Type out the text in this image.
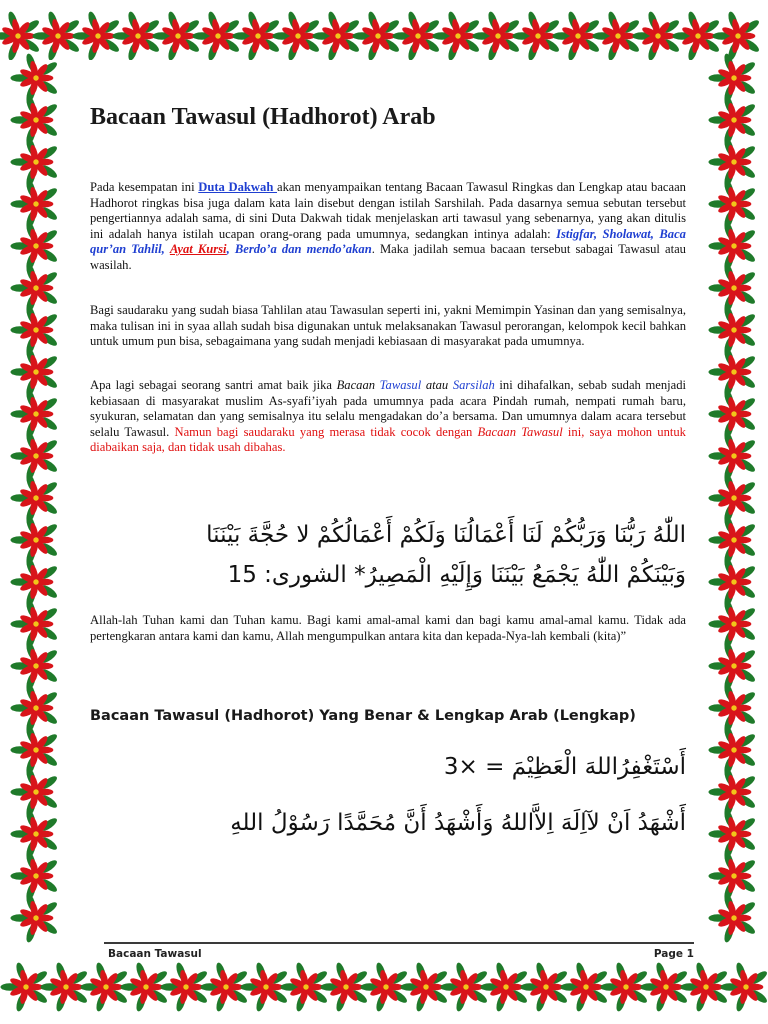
Bacaan Tawasul (Hadhorot) Arab

Pada kesempatan ini Duta Dakwah akan menyampaikan tentang Bacaan Tawasul Ringkas dan Lengkap atau bacaan Hadhorot ringkas bisa juga dalam kata lain disebut dengan istilah Sarshilah. Pada dasarnya semua sebutan tersebut pengertiannya adalah sama, di sini Duta Dakwah tidak menjelaskan arti tawasul yang sebenarnya, yang akan ditulis ini adalah hanya istilah ucapan orang-orang pada umumnya, sedangkan intinya adalah: Istigfar, Sholawat, Baca qur’an Tahlil, Ayat Kursi, Berdo’a dan mendo’akan. Maka jadilah semua bacaan tersebut sabagai Tawasul atau wasilah.

Bagi saudaraku yang sudah biasa Tahlilan atau Tawasulan seperti ini, yakni Memimpin Yasinan dan yang semisalnya, maka tulisan ini in syaa allah sudah bisa digunakan untuk melaksanakan Tawasul perorangan, kelompok kecil bahkan untuk umum pun bisa, sebagaimana yang sudah menjadi kebiasaan di masyarakat pada umumnya.

Apa lagi sebagai seorang santri amat baik jika Bacaan Tawasul atau Sarsilah ini dihafalkan, sebab sudah menjadi kebiasaan di masyarakat muslim As-syafi’iyah pada umumnya pada acara Pindah rumah, nempati rumah baru, syukuran, selamatan dan yang semisalnya itu selalu mengadakan do’a bersama. Dan umumnya dalam acara tersebut selalu Tawasul. Namun bagi saudaraku yang merasa tidak cocok dengan Bacaan Tawasul ini, saya mohon untuk diabaikan saja, dan tidak usah dibahas.

اللّٰهُ رَبُّنَا وَرَبُّكُمْ لَنَا أَعْمَالُنَا وَلَكُمْ أَعْمَالُكُمْ لا حُجَّةَ بَيْنَنَا

وَبَيْنَكُمْ اللّٰهُ يَجْمَعُ بَيْنَنَا وَإِلَيْهِ الْمَصِيرُ* الشورى: 15

Allah-lah Tuhan kami dan Tuhan kamu. Bagi kami amal-amal kami dan bagi kamu amal-amal kamu. Tidak ada pertengkaran antara kami dan kamu, Allah mengumpulkan antara kita dan kepada-Nya-lah kembali (kita)”

Bacaan Tawasul (Hadhorot) Yang Benar & Lengkap Arab (Lengkap)

أَسْتَغْفِرُاللهَ الْعَظِيْمَ = ×3

أَشْهَدُ اَنْ لآاِلَهَ اِلاَّاللهُ وَأَشْهَدُ أَنَّ مُحَمَّدًا رَسُوْلُ اللهِ

Bacaan Tawasul	Page 1
